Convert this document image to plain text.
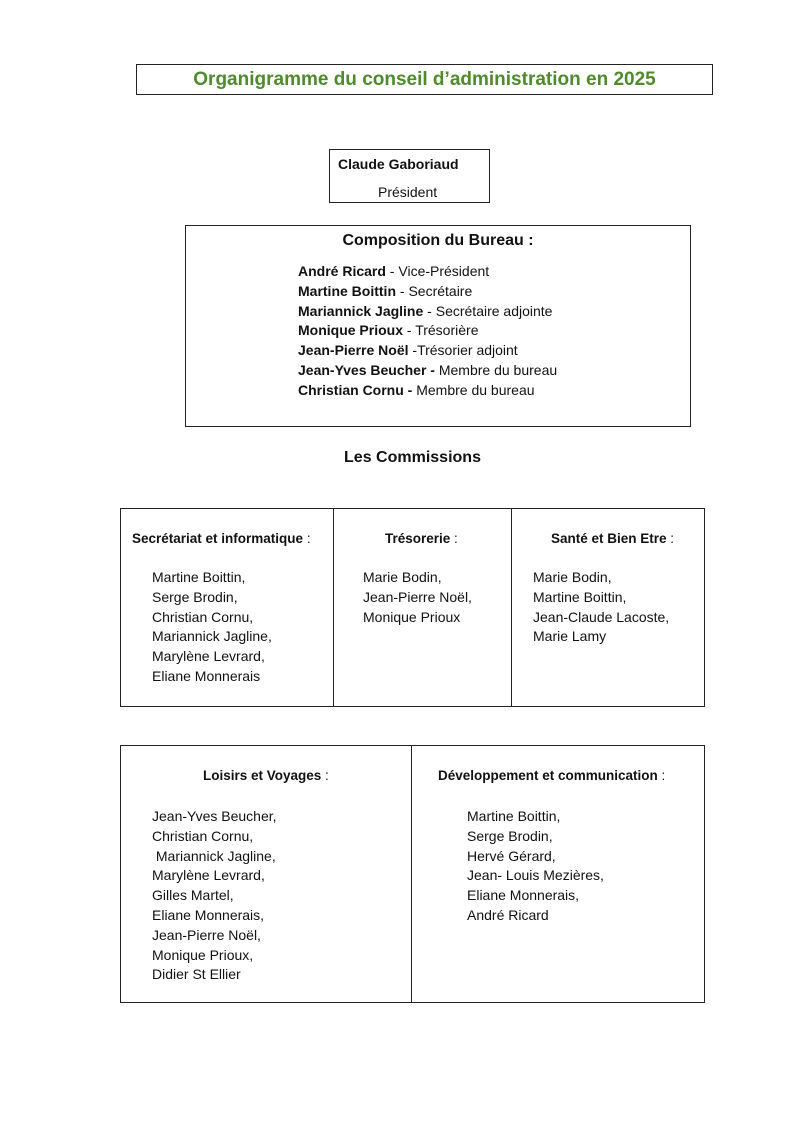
Organigramme du conseil d’administration en 2025
Claude Gaboriaud
Président
Composition du Bureau :
André Ricard - Vice-Président
Martine Boittin - Secrétaire
Mariannick Jagline - Secrétaire adjointe
Monique Prioux - Trésorière
Jean-Pierre Noël -Trésorier adjoint
Jean-Yves Beucher - Membre du bureau
Christian Cornu - Membre du bureau
Les Commissions
Secrétariat et informatique :
Martine Boittin,
Serge Brodin,
Christian Cornu,
Mariannick Jagline,
Marylène Levrard,
Eliane Monnerais
Trésorerie :
Marie Bodin,
Jean-Pierre Noël,
Monique Prioux
Santé et Bien Etre :
Marie Bodin,
Martine Boittin,
Jean-Claude Lacoste,
Marie Lamy
Loisirs et Voyages :
Jean-Yves Beucher,
Christian Cornu,
Mariannick Jagline,
Marylène Levrard,
Gilles Martel,
Eliane Monnerais,
Jean-Pierre Noël,
Monique Prioux,
Didier St Ellier
Développement et communication :
Martine Boittin,
Serge Brodin,
Hervé Gérard,
Jean- Louis Mezières,
Eliane Monnerais,
André Ricard
